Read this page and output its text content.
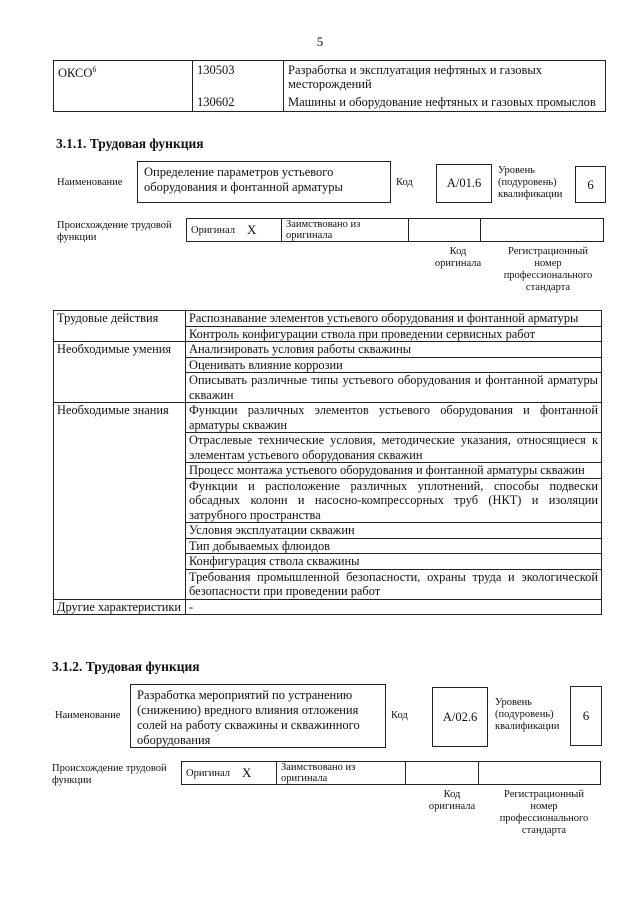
5
ОКСО$^6$	130503	Разработка и эксплуатация нефтяных и газовых месторождений
	130602	Машины и оборудование нефтяных и газовых промыслов
3.1.1. Трудовая функция
Наименование
Определение параметров устьевого оборудования и фонтанной арматуры	Код	A/01.6
Уровень (подуровень) квалификации
6
Происхождение трудовой функции
Оригинал	X	Заимствовано из оригинала		
Код оригинала
Регистрационный номер профессионального стандарта
Трудовые действия	Распознавание элементов устьевого оборудования и фонтанной арматуры
	Контроль конфигурации ствола при проведении сервисных работ
Необходимые умения	Анализировать условия работы скважины
	Оценивать влияние коррозии
	Описывать различные типы устьевого оборудования и фонтанной арматуры скважин
Необходимые знания	Функции различных элементов устьевого оборудования и фонтанной арматуры скважин
	Отраслевые технические условия, методические указания, относящиеся к элементам устьевого оборудования скважин
	Процесс монтажа устьевого оборудования и фонтанной арматуры скважин
	Функции и расположение различных уплотнений, способы подвески обсадных колонн и насосно-компрессорных труб (НКТ) и изоляции затрубного пространства
	Условия эксплуатации скважин
	Тип добываемых флюидов
	Конфигурация ствола скважины
	Требования промышленной безопасности, охраны труда и экологической безопасности при проведении работ
Другие характеристики	-
3.1.2. Трудовая функция
Наименование
Разработка мероприятий по устранению (снижению) вредного влияния отложения солей на работу скважины и скважинного оборудования
Код	A/02.6
Уровень (подуровень) квалификации
6
Происхождение трудовой функции
Оригинал	X	Заимствовано из оригинала		
Код оригинала
Регистрационный номер профессионального стандарта
